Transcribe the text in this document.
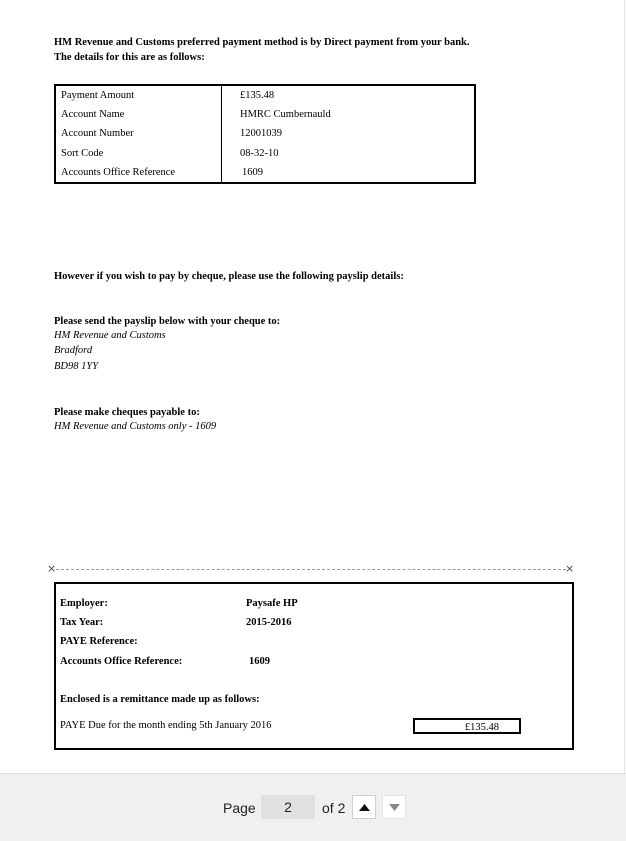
HM Revenue and Customs preferred payment method is by Direct payment from your bank.
The details for this are as follows:
Payment Amount	£135.48
Account Name	HMRC Cumbernauld
Account Number	12001039
Sort Code	08-32-10
Accounts Office Reference	1609
However if you wish to pay by cheque, please use the following payslip details:
Please send the payslip below with your cheque to:
HM Revenue and Customs
Bradford
BD98 1YY
Please make cheques payable to:
HM Revenue and Customs only - 1609
×	×
Employer:	Paysafe HP
Tax Year:	2015-2016
PAYE Reference:
Accounts Office Reference:	1609
Enclosed is a remittance made up as follows:
PAYE Due for the month ending 5th January 2016	£135.48
Page	2	of 2
